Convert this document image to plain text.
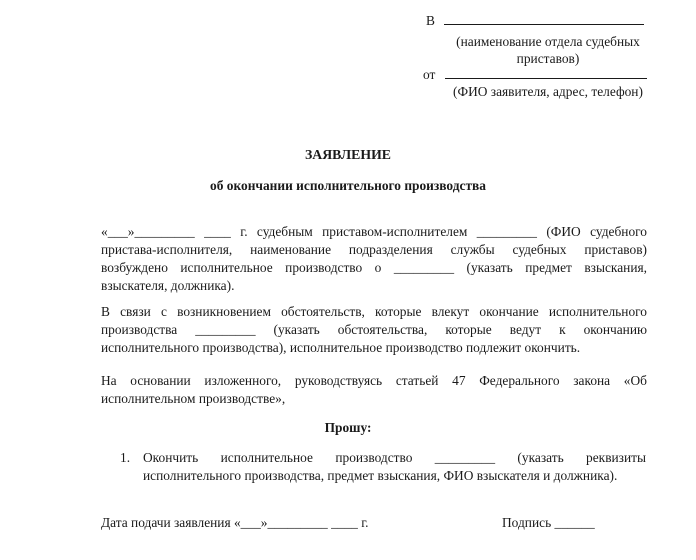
В
(наименование отдела судебных
приставов)
от
(ФИО заявителя, адрес, телефон)
ЗАЯВЛЕНИЕ
об окончании исполнительного производства
«___»_________ ____ г. судебным приставом-исполнителем _________ (ФИО судебного
пристава-исполнителя, наименование подразделения службы судебных приставов)
возбуждено исполнительное производство о _________ (указать предмет взыскания,
взыскателя, должника).
В связи с возникновением обстоятельств, которые влекут окончание исполнительного
производства _________ (указать обстоятельства, которые ведут к окончанию
исполнительного производства), исполнительное производство подлежит окончить.
На основании изложенного, руководствуясь статьей 47 Федерального закона «Об
исполнительном производстве»,
Прошу:
1. Окончить исполнительное производство _________ (указать реквизиты
исполнительного производства, предмет взыскания, ФИО взыскателя и должника).
Дата подачи заявления «___»_________ ____ г.	Подпись ______
